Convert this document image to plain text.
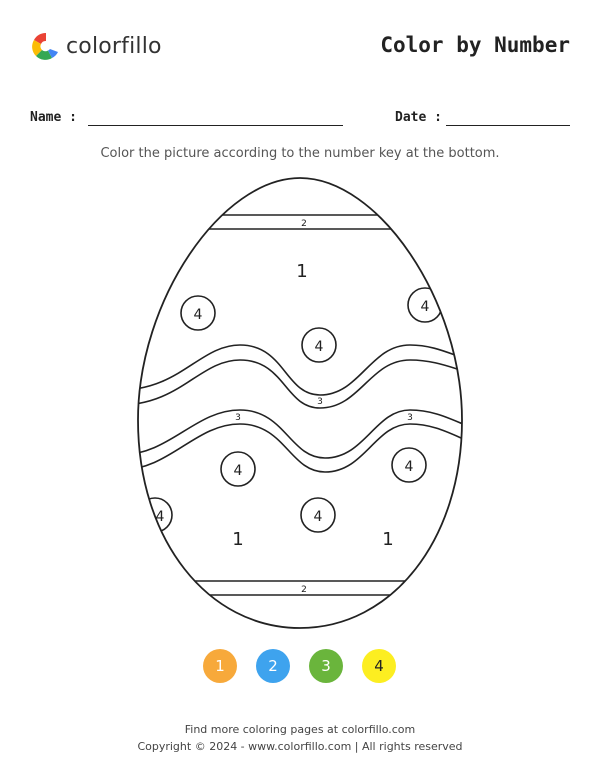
colorfillo	Color by Number
Name :	Date :
Color the picture according to the number key at the bottom.
2
1
4	4
4
3
3	3
4	4
4
4
1	1
2
1	2	3	4
Find more coloring pages at colorfillo.com
Copyright © 2024 - www.colorfillo.com | All rights reserved
